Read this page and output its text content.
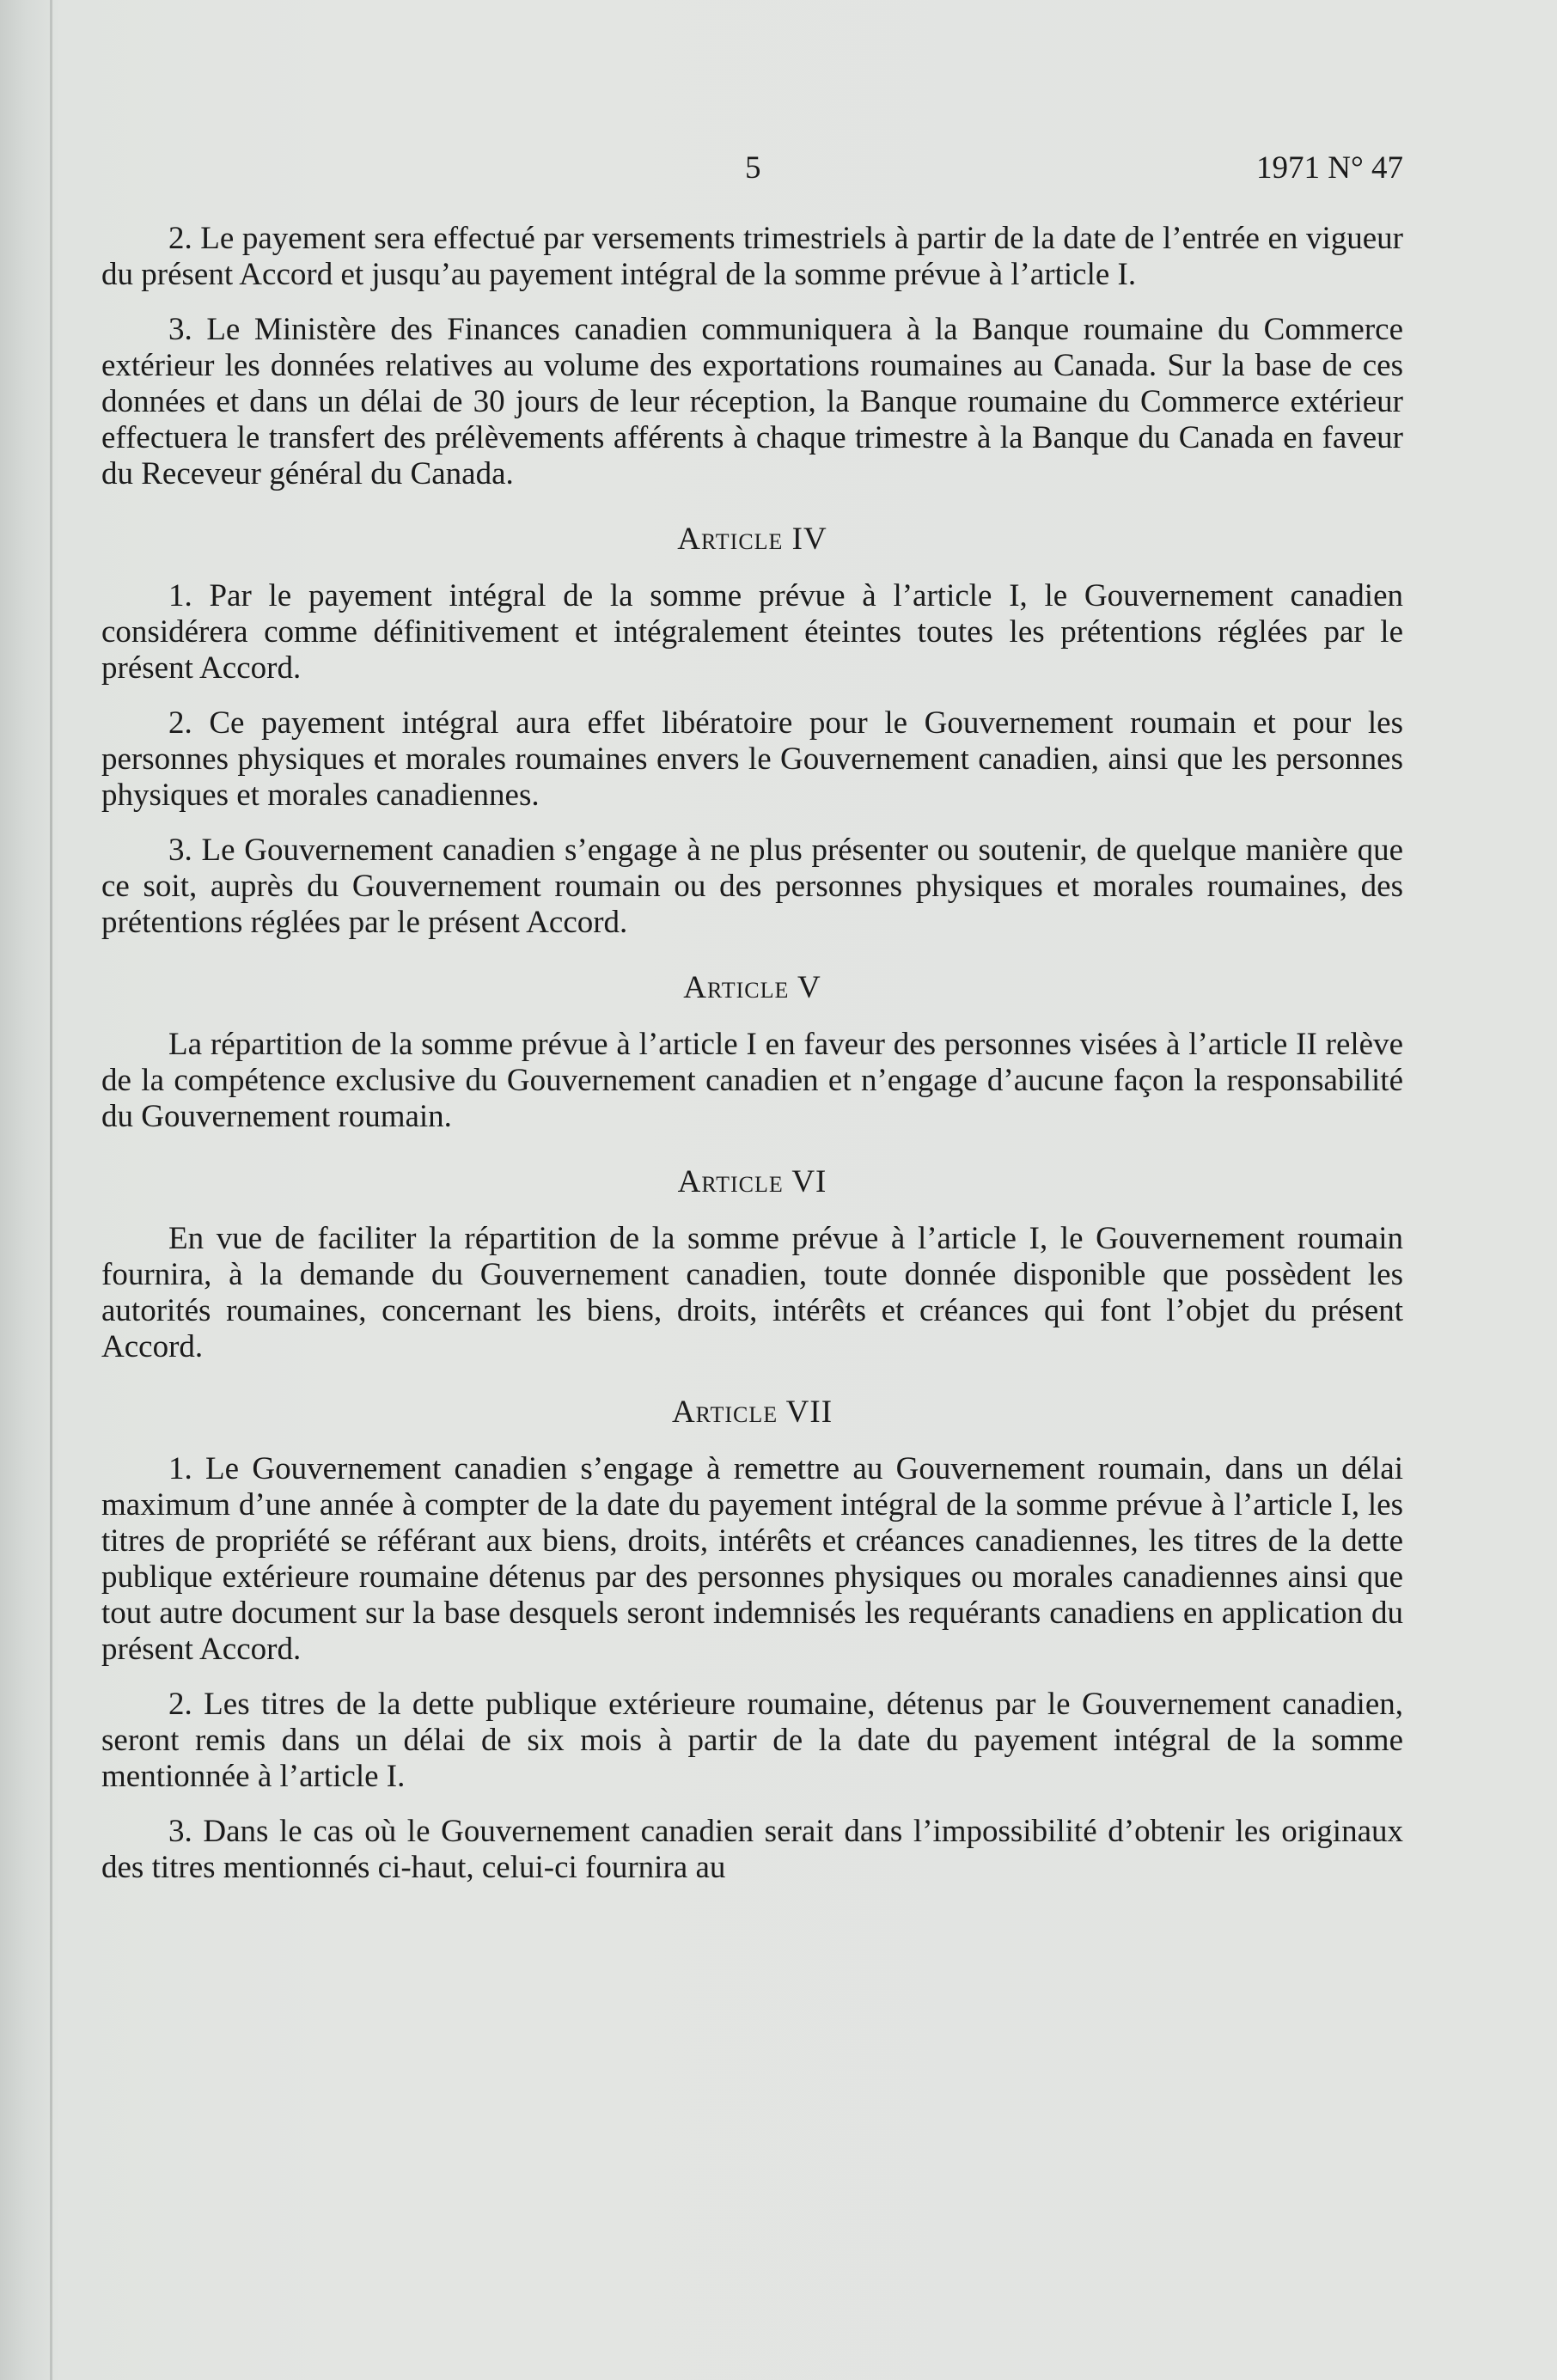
5	1971 N° 47

2. Le payement sera effectué par versements trimestriels à partir de la date de l’entrée en vigueur du présent Accord et jusqu’au payement intégral de la somme prévue à l’article I.

3. Le Ministère des Finances canadien communiquera à la Banque roumaine du Commerce extérieur les données relatives au volume des exportations roumaines au Canada. Sur la base de ces données et dans un délai de 30 jours de leur réception, la Banque roumaine du Commerce extérieur effectuera le transfert des prélèvements afférents à chaque trimestre à la Banque du Canada en faveur du Receveur général du Canada.

Article IV

1. Par le payement intégral de la somme prévue à l’article I, le Gouvernement canadien considérera comme définitivement et intégralement éteintes toutes les prétentions réglées par le présent Accord.

2. Ce payement intégral aura effet libératoire pour le Gouvernement roumain et pour les personnes physiques et morales roumaines envers le Gouvernement canadien, ainsi que les personnes physiques et morales canadiennes.

3. Le Gouvernement canadien s’engage à ne plus présenter ou soutenir, de quelque manière que ce soit, auprès du Gouvernement roumain ou des personnes physiques et morales roumaines, des prétentions réglées par le présent Accord.

Article V

La répartition de la somme prévue à l’article I en faveur des personnes visées à l’article II relève de la compétence exclusive du Gouvernement canadien et n’engage d’aucune façon la responsabilité du Gouvernement roumain.

Article VI

En vue de faciliter la répartition de la somme prévue à l’article I, le Gouvernement roumain fournira, à la demande du Gouvernement canadien, toute donnée disponible que possèdent les autorités roumaines, concernant les biens, droits, intérêts et créances qui font l’objet du présent Accord.

Article VII

1. Le Gouvernement canadien s’engage à remettre au Gouvernement roumain, dans un délai maximum d’une année à compter de la date du payement intégral de la somme prévue à l’article I, les titres de propriété se référant aux biens, droits, intérêts et créances canadiennes, les titres de la dette publique extérieure roumaine détenus par des personnes physiques ou morales canadiennes ainsi que tout autre document sur la base desquels seront indemnisés les requérants canadiens en application du présent Accord.

2. Les titres de la dette publique extérieure roumaine, détenus par le Gouvernement canadien, seront remis dans un délai de six mois à partir de la date du payement intégral de la somme mentionnée à l’article I.

3. Dans le cas où le Gouvernement canadien serait dans l’impossibilité d’obtenir les originaux des titres mentionnés ci-haut, celui-ci fournira au
